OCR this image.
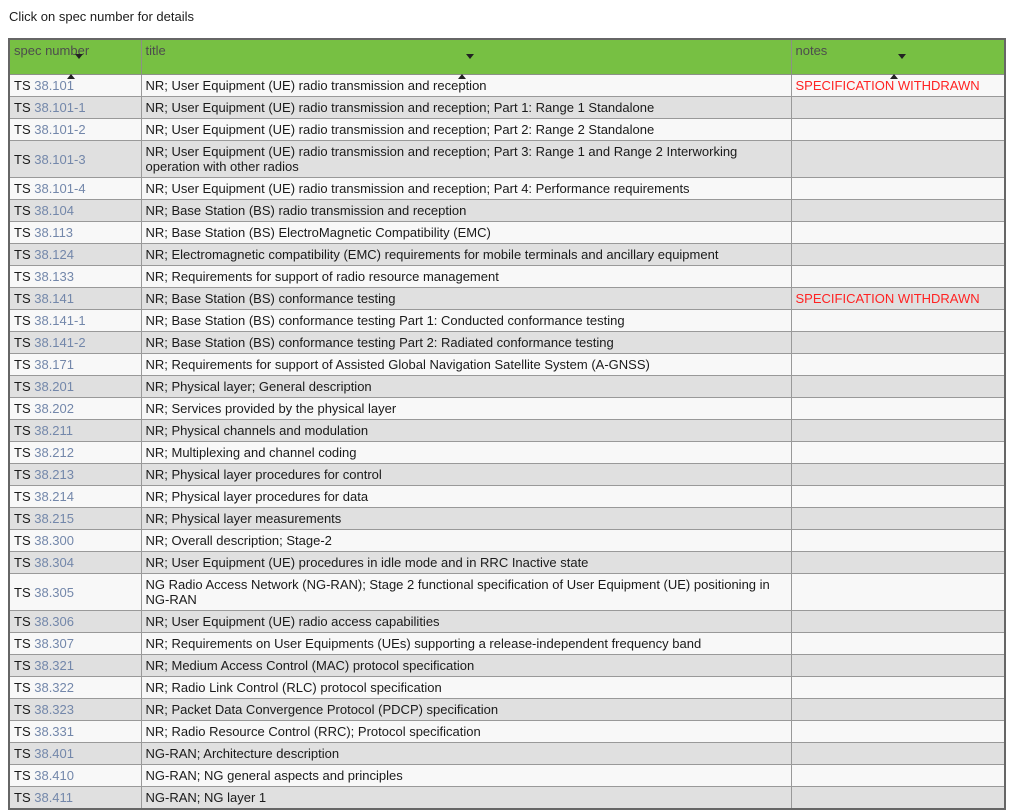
Click on spec number for details
spec number	title	notes

TS 38.101	NR; User Equipment (UE) radio transmission and reception	SPECIFICATION WITHDRAWN
TS 38.101-1	NR; User Equipment (UE) radio transmission and reception; Part 1: Range 1 Standalone	
TS 38.101-2	NR; User Equipment (UE) radio transmission and reception; Part 2: Range 2 Standalone	
TS 38.101-3	NR; User Equipment (UE) radio transmission and reception; Part 3: Range 1 and Range 2 Interworking operation with other radios	
TS 38.101-4	NR; User Equipment (UE) radio transmission and reception; Part 4: Performance requirements	
TS 38.104	NR; Base Station (BS) radio transmission and reception	
TS 38.113	NR; Base Station (BS) ElectroMagnetic Compatibility (EMC)	
TS 38.124	NR; Electromagnetic compatibility (EMC) requirements for mobile terminals and ancillary equipment	
TS 38.133	NR; Requirements for support of radio resource management	
TS 38.141	NR; Base Station (BS) conformance testing	SPECIFICATION WITHDRAWN
TS 38.141-1	NR; Base Station (BS) conformance testing Part 1: Conducted conformance testing	
TS 38.141-2	NR; Base Station (BS) conformance testing Part 2: Radiated conformance testing	
TS 38.171	NR; Requirements for support of Assisted Global Navigation Satellite System (A-GNSS)	
TS 38.201	NR; Physical layer; General description	
TS 38.202	NR; Services provided by the physical layer	
TS 38.211	NR; Physical channels and modulation	
TS 38.212	NR; Multiplexing and channel coding	
TS 38.213	NR; Physical layer procedures for control	
TS 38.214	NR; Physical layer procedures for data	
TS 38.215	NR; Physical layer measurements	
TS 38.300	NR; Overall description; Stage-2	
TS 38.304	NR; User Equipment (UE) procedures in idle mode and in RRC Inactive state	
TS 38.305	NG Radio Access Network (NG-RAN); Stage 2 functional specification of User Equipment (UE) positioning in NG-RAN	
TS 38.306	NR; User Equipment (UE) radio access capabilities	
TS 38.307	NR; Requirements on User Equipments (UEs) supporting a release-independent frequency band	
TS 38.321	NR; Medium Access Control (MAC) protocol specification	
TS 38.322	NR; Radio Link Control (RLC) protocol specification	
TS 38.323	NR; Packet Data Convergence Protocol (PDCP) specification	
TS 38.331	NR; Radio Resource Control (RRC); Protocol specification	
TS 38.401	NG-RAN; Architecture description	
TS 38.410	NG-RAN; NG general aspects and principles	
TS 38.411	NG-RAN; NG layer 1	
